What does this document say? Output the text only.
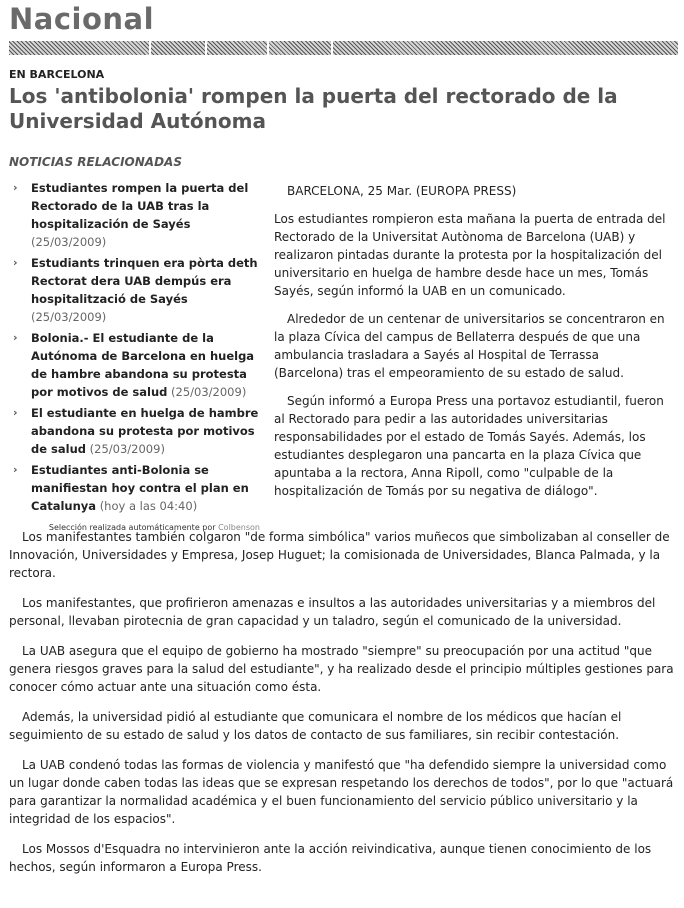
Nacional
EN BARCELONA
Los 'antibolonia' rompen la puerta del rectorado de la Universidad Autónoma
NOTICIAS RELACIONADAS
› Estudiantes rompen la puerta del Rectorado de la UAB tras la hospitalización de Sayés (25/03/2009)
› Estudiants trinquen era pòrta deth Rectorat dera UAB dempús era hospitalització de Sayés (25/03/2009)
› Bolonia.- El estudiante de la Autónoma de Barcelona en huelga de hambre abandona su protesta por motivos de salud (25/03/2009)
› El estudiante en huelga de hambre abandona su protesta por motivos de salud (25/03/2009)
› Estudiantes anti-Bolonia se manifiestan hoy contra el plan en Catalunya (hoy a las 04:40)
Selección realizada automáticamente por Colbenson

BARCELONA, 25 Mar. (EUROPA PRESS)

Los estudiantes rompieron esta mañana la puerta de entrada del Rectorado de la Universitat Autònoma de Barcelona (UAB) y realizaron pintadas durante la protesta por la hospitalización del universitario en huelga de hambre desde hace un mes, Tomás Sayés, según informó la UAB en un comunicado.

Alrededor de un centenar de universitarios se concentraron en la plaza Cívica del campus de Bellaterra después de que una ambulancia trasladara a Sayés al Hospital de Terrassa (Barcelona) tras el empeoramiento de su estado de salud.

Según informó a Europa Press una portavoz estudiantil, fueron al Rectorado para pedir a las autoridades universitarias responsabilidades por el estado de Tomás Sayés. Además, los estudiantes desplegaron una pancarta en la plaza Cívica que apuntaba a la rectora, Anna Ripoll, como "culpable de la hospitalización de Tomás por su negativa de diálogo".

Los manifestantes también colgaron "de forma simbólica" varios muñecos que simbolizaban al conseller de Innovación, Universidades y Empresa, Josep Huguet; la comisionada de Universidades, Blanca Palmada, y la rectora.

Los manifestantes, que profirieron amenazas e insultos a las autoridades universitarias y a miembros del personal, llevaban pirotecnia de gran capacidad y un taladro, según el comunicado de la universidad.

La UAB asegura que el equipo de gobierno ha mostrado "siempre" su preocupación por una actitud "que genera riesgos graves para la salud del estudiante", y ha realizado desde el principio múltiples gestiones para conocer cómo actuar ante una situación como ésta.

Además, la universidad pidió al estudiante que comunicara el nombre de los médicos que hacían el seguimiento de su estado de salud y los datos de contacto de sus familiares, sin recibir contestación.

La UAB condenó todas las formas de violencia y manifestó que "ha defendido siempre la universidad como un lugar donde caben todas las ideas que se expresan respetando los derechos de todos", por lo que "actuará para garantizar la normalidad académica y el buen funcionamiento del servicio público universitario y la integridad de los espacios".

Los Mossos d'Esquadra no intervinieron ante la acción reivindicativa, aunque tienen conocimiento de los hechos, según informaron a Europa Press.
